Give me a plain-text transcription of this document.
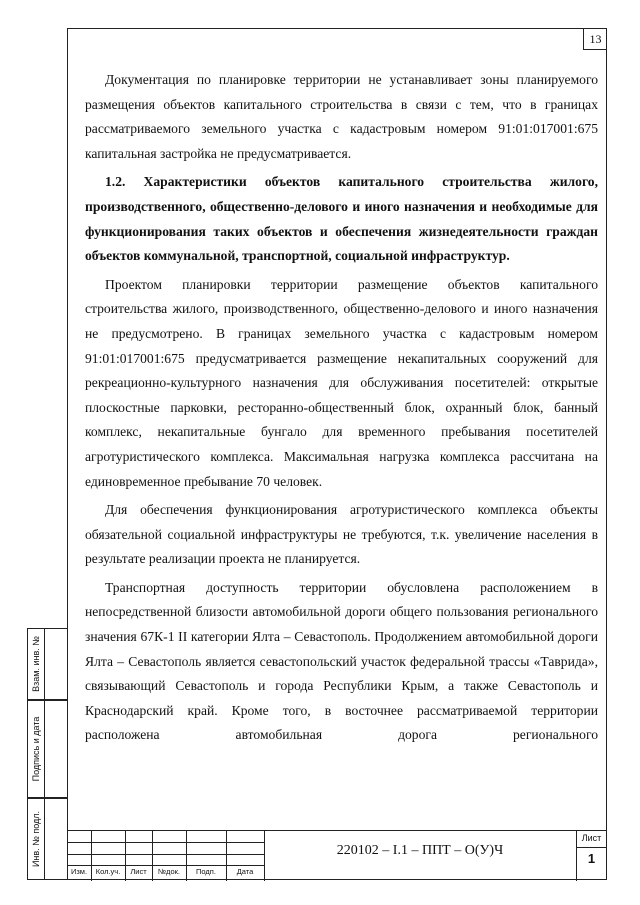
13

Документация по планировке территории не устанавливает зоны планируемого размещения объектов капитального строительства в связи с тем, что в границах рассматриваемого земельного участка с кадастровым номером 91:01:017001:675 капитальная застройка не предусматривается.

1.2. Характеристики объектов капитального строительства жилого, производственного, общественно-делового и иного назначения и необходимые для функционирования таких объектов и обеспечения жизнедеятельности граждан объектов коммунальной, транспортной, социальной инфраструктур.

Проектом планировки территории размещение объектов капитального строительства жилого, производственного, общественно-делового и иного назначения не предусмотрено. В границах земельного участка с кадастровым номером 91:01:017001:675 предусматривается размещение некапитальных сооружений для рекреационно-культурного назначения для обслуживания посетителей: открытые плоскостные парковки, ресторанно-общественный блок, охранный блок, банный комплекс, некапитальные бунгало для временного пребывания посетителей агротуристического комплекса. Максимальная нагрузка комплекса рассчитана на единовременное пребывание 70 человек.

Для обеспечения функционирования агротуристического комплекса объекты обязательной социальной инфраструктуры не требуются, т.к. увеличение населения в результате реализации проекта не планируется.

Транспортная доступность территории обусловлена расположением в непосредственной близости автомобильной дороги общего пользования регионального значения 67К-1 II категории Ялта – Севастополь. Продолжением автомобильной дороги Ялта – Севастополь является севастопольский участок федеральной трассы «Таврида», связывающий Севастополь и города Республики Крым, а также Севастополь и Краснодарский край. Кроме того, в восточнее рассматриваемой территории расположена автомобильная дорога регионального

Взам. инв. №
Подпись и дата
Инв. № подл.
Изм.	Кол.уч.	Лист	№док.	Подп.	Дата
220102 – I.1 – ППТ – О(У)Ч
Лист
1
